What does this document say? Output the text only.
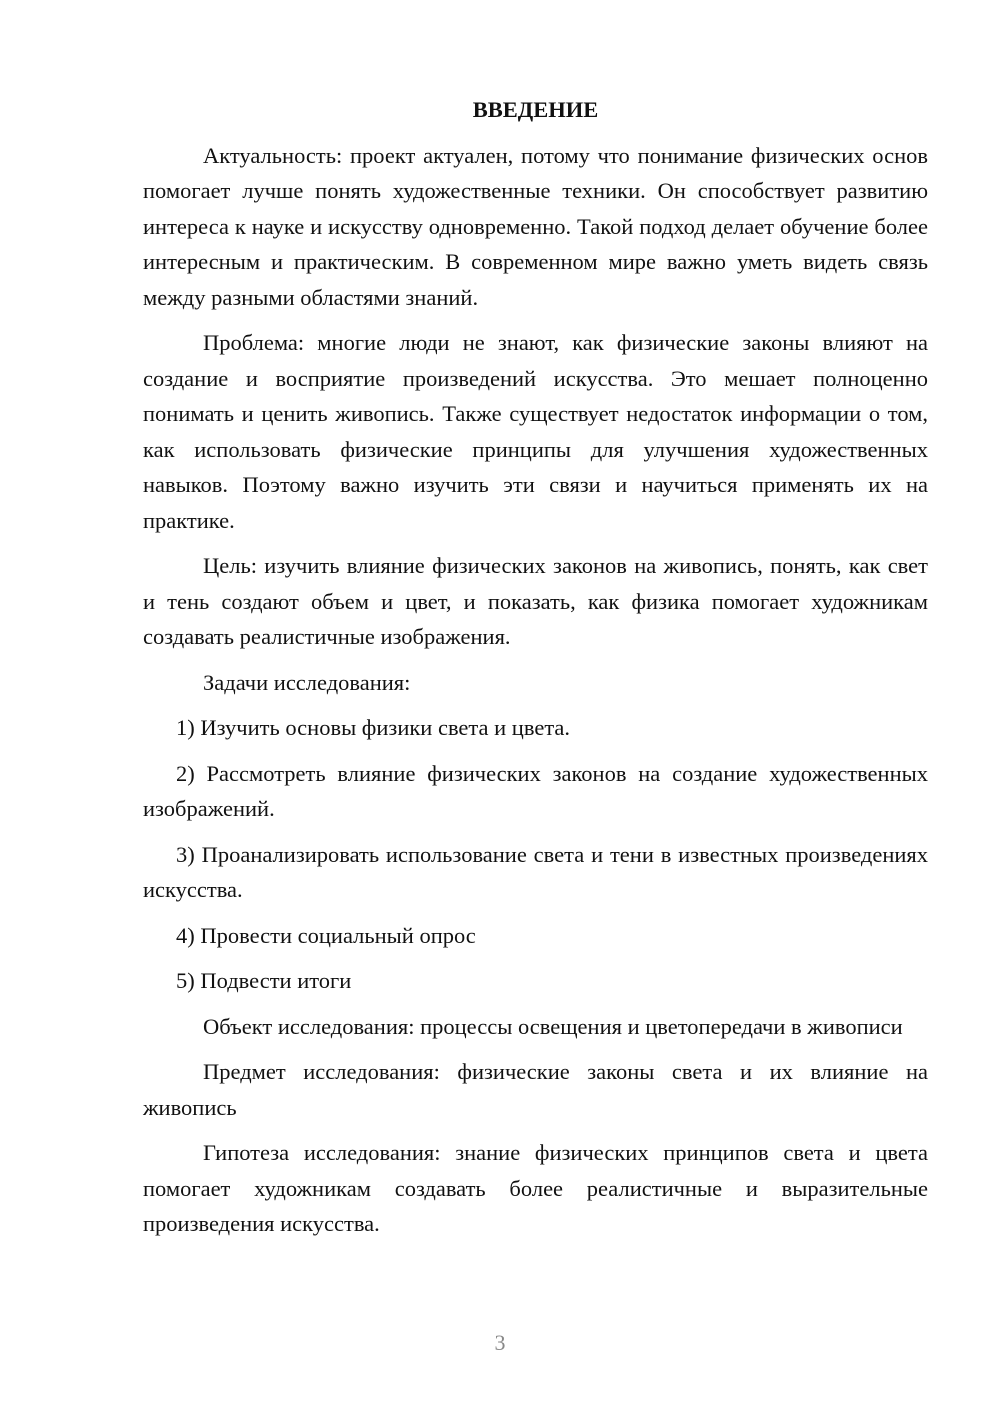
ВВЕДЕНИЕ

Актуальность: проект актуален, потому что понимание физических основ помогает лучше понять художественные техники. Он способствует развитию интереса к науке и искусству одновременно. Такой подход делает обучение более интересным и практическим. В современном мире важно уметь видеть связь между разными областями знаний.

Проблема: многие люди не знают, как физические законы влияют на создание и восприятие произведений искусства. Это мешает полноценно понимать и ценить живопись. Также существует недостаток информации о том, как использовать физические принципы для улучшения художественных навыков. Поэтому важно изучить эти связи и научиться применять их на практике.

Цель: изучить влияние физических законов на живопись, понять, как свет и тень создают объем и цвет, и показать, как физика помогает художникам создавать реалистичные изображения.

Задачи исследования:

1) Изучить основы физики света и цвета.

2) Рассмотреть влияние физических законов на создание художественных изображений.

3) Проанализировать использование света и тени в известных произведениях искусства.

4) Провести социальный опрос

5) Подвести итоги

Объект исследования: процессы освещения и цветопередачи в живописи

Предмет исследования: физические законы света и их влияние на живопись

Гипотеза исследования: знание физических принципов света и цвета помогает художникам создавать более реалистичные и выразительные произведения искусства.

3
